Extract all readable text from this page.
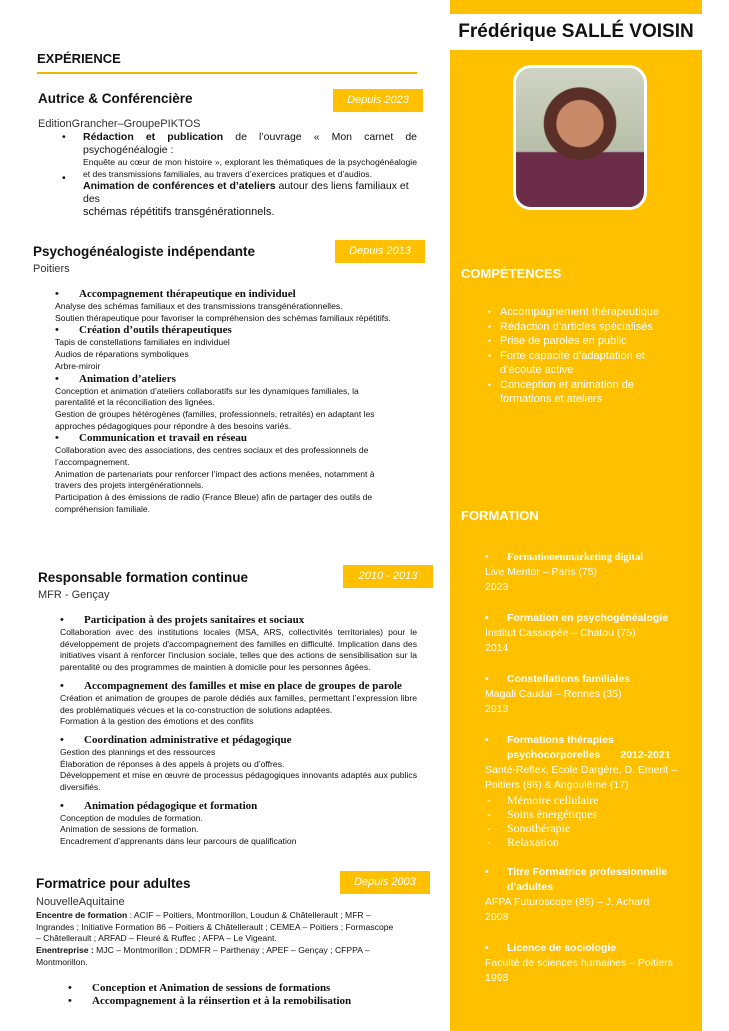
Frédérique SALLÉ VOISIN
COMPÉTENCES
• Accompagnement thérapeutique
• Rédaction d’articles spécialisés
• Prise de paroles en public
• Forte capacité d’adaptation et d’écoute active
• Conception et animation de formations et ateliers
FORMATION
• Formationenmarketing digital
Live Mentor – Paris (75)
2023
• Formation en psychogénéalogie
Institut Cassiopée – Chatou (75)
2014
• Constellations familiales
Magali Caudal – Rennes (35)
2013
• Formations thérapies psychocorporelles 2012-2021
Santé-Reflex, Ecole Dargère, D. Emerit – Poitiers (86) & Angoulême (17)
- Mémoire cellulaire
- Soins énergétiques
- Sonothérapie
- Relaxation
• Titre Formatrice professionnelle d’adultes
AFPA Futuroscope (86) – J. Achard
2008
• Licence de sociologie
Faculté de sciences humaines – Poitiers
1998
EXPÉRIENCE
Autrice & Conférencière	Depuis 2023
EditionGrancher–GroupePIKTOS
• Rédaction et publication de l’ouvrage « Mon carnet de psychogénéalogie :
Enquête au cœur de mon histoire », explorant les thématiques de la psychogénéalogie et des transmissions familiales, au travers d’exercices pratiques et d’audios.
•
Animation de conférences et d’ateliers autour des liens familiaux et des
schémas répétitifs transgénérationnels.
Psychogénéalogiste indépendante	Depuis 2013
Poitiers
• Accompagnement thérapeutique en individuel
Analyse des schémas familiaux et des transmissions transgénérationnelles.
Soutien thérapeutique pour favoriser la compréhension des schémas familiaux répétitifs.
• Création d’outils thérapeutiques
Tapis de constellations familiales en individuel
Audios de réparations symboliques
Arbre-miroir
• Animation d’ateliers
Conception et animation d’ateliers collaboratifs sur les dynamiques familiales, la parentalité et la réconciliation des lignées.
Gestion de groupes hétérogènes (familles, professionnels, retraités) en adaptant les approches pédagogiques pour répondre à des besoins variés.
• Communication et travail en réseau
Collaboration avec des associations, des centres sociaux et des professionnels de l’accompagnement.
Animation de partenariats pour renforcer l’impact des actions menées, notamment à travers des projets intergénérationnels.
Participation à des émissions de radio (France Bleue) afin de partager des outils de compréhension familiale.
Responsable formation continue	2010 - 2013
MFR - Gençay
• Participation à des projets sanitaires et sociaux
Collaboration avec des institutions locales (MSA, ARS, collectivités territoriales) pour le développement de projets d'accompagnement des familles en difficulté. Implication dans des initiatives visant à renforcer l'inclusion sociale, telles que des actions de sensibilisation sur la parentalité ou des programmes de maintien à domicile pour les personnes âgées.
• Accompagnement des familles et mise en place de groupes de parole
Création et animation de groupes de parole dédiés aux familles, permettant l’expression libre des problématiques vécues et la co-construction de solutions adaptées.
Formation à la gestion des émotions et des conflits
• Coordination administrative et pédagogique
Gestion des plannings et des ressources
Élaboration de réponses à des appels à projets ou d’offres.
Développement et mise en œuvre de processus pédagogiques innovants adaptés aux publics diversifiés.
• Animation pédagogique et formation
Conception de modules de formation.
Animation de sessions de formation.
Encadrement d’apprenants dans leur parcours de qualification
Formatrice pour adultes	Depuis 2003
NouvelleAquitaine
Encentre de formation : ACIF – Poitiers, Montmorillon, Loudun & Châtellerault ; MFR – Ingrandes ; Initiative Formation 86 – Poitiers & Châtellerault ; CEMEA – Poitiers ; Formascope – Châtellerault ; ARFAD – Fleuré & Ruffec ; AFPA – Le Vigeant.
Enentreprise : MJC – Montmorillon ; DDMFR – Parthenay ; APEF – Gençay ; CFPPA – Montmorillon.
• Conception et Animation de sessions de formations
• Accompagnement à la réinsertion et à la remobilisation
